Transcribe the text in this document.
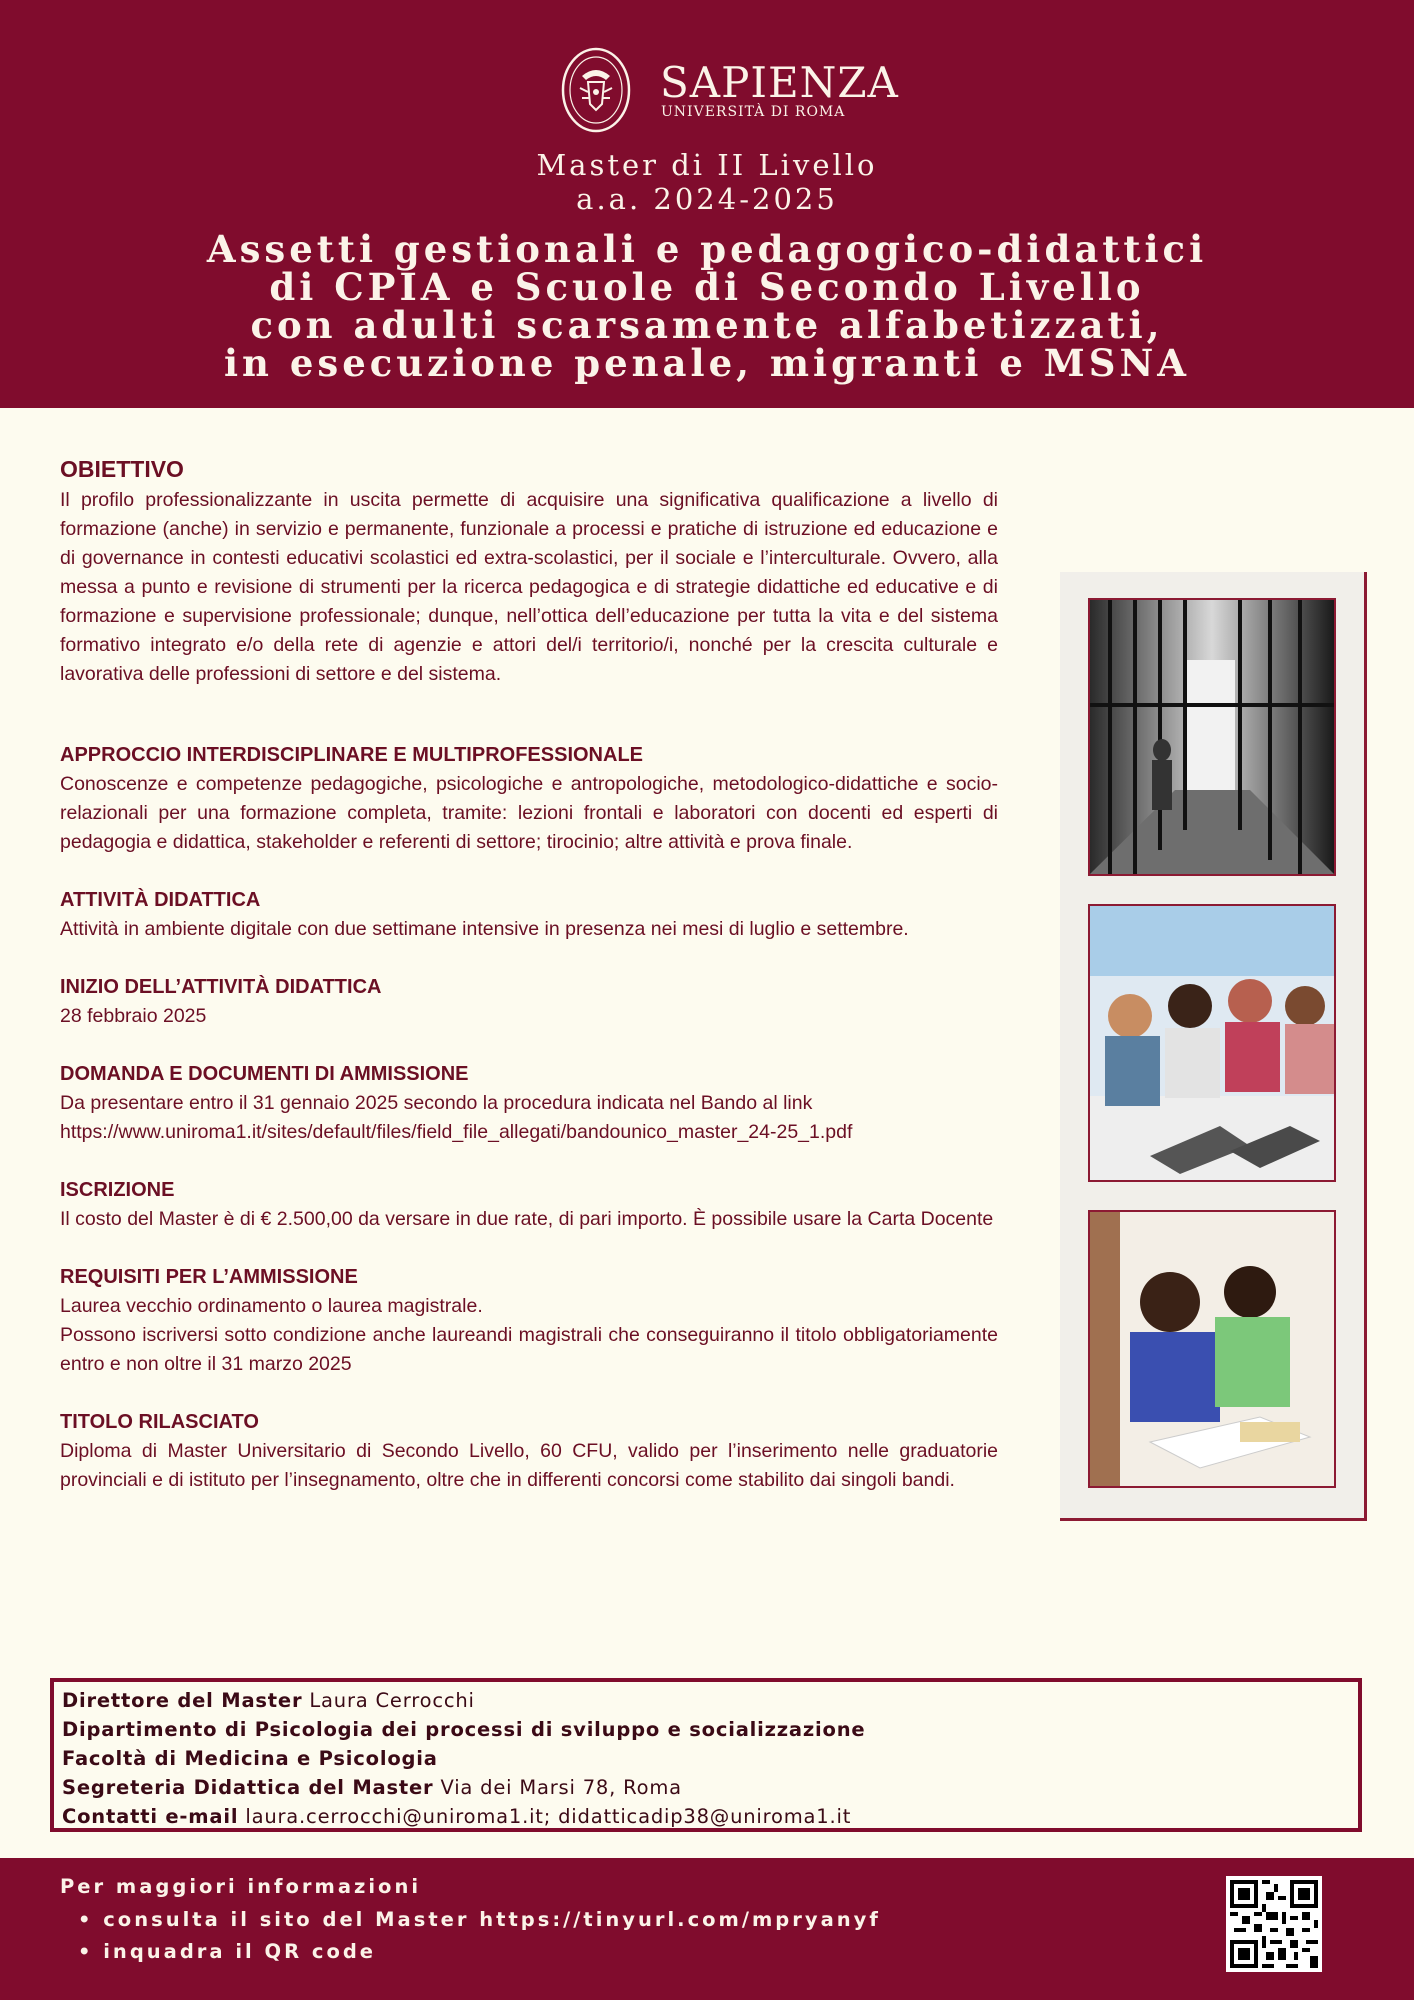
SAPIENZA
UNIVERSITÀ DI ROMA
Master di II Livello
a.a. 2024-2025
Assetti gestionali e pedagogico-didattici
di CPIA e Scuole di Secondo Livello
con adulti scarsamente alfabetizzati,
in esecuzione penale, migranti e MSNA
OBIETTIVO

Il profilo professionalizzante in uscita permette di acquisire una significativa qualificazione a livello di formazione (anche) in servizio e permanente, funzionale a processi e pratiche di istruzione ed educazione e di governance in contesti educativi scolastici ed extra-scolastici, per il sociale e l’interculturale. Ovvero, alla messa a punto e revisione di strumenti per la ricerca pedagogica e di strategie didattiche ed educative e di formazione e supervisione professionale; dunque, nell’ottica dell’educazione per tutta la vita e del sistema formativo integrato e/o della rete di agenzie e attori del/i territorio/i, nonché per la crescita culturale e lavorativa delle professioni di settore e del sistema.

APPROCCIO INTERDISCIPLINARE E MULTIPROFESSIONALE

Conoscenze e competenze pedagogiche, psicologiche e antropologiche, metodologico-didattiche e socio-relazionali per una formazione completa, tramite: lezioni frontali e laboratori con docenti ed esperti di pedagogia e didattica, stakeholder e referenti di settore; tirocinio; altre attività e prova finale.

ATTIVITÀ DIDATTICA

Attività in ambiente digitale con due settimane intensive in presenza nei mesi di luglio e settembre.

INIZIO DELL’ATTIVITÀ DIDATTICA

28 febbraio 2025

DOMANDA E DOCUMENTI DI AMMISSIONE

Da presentare entro il 31 gennaio 2025 secondo la procedura indicata nel Bando al link

https://www.uniroma1.it/sites/default/files/field_file_allegati/bandounico_master_24-25_1.pdf

ISCRIZIONE

Il costo del Master è di € 2.500,00 da versare in due rate, di pari importo. È possibile usare la Carta Docente

REQUISITI PER L’AMMISSIONE

Laurea vecchio ordinamento o laurea magistrale.

Possono iscriversi sotto condizione anche laureandi magistrali che conseguiranno il titolo obbligatoriamente entro e non oltre il 31 marzo 2025

TITOLO RILASCIATO

Diploma di Master Universitario di Secondo Livello, 60 CFU, valido per l’inserimento nelle graduatorie provinciali e di istituto per l’insegnamento, oltre che in differenti concorsi come stabilito dai singoli bandi.

Direttore del Master Laura Cerrocchi
Dipartimento di Psicologia dei processi di sviluppo e socializzazione
Facoltà di Medicina e Psicologia
Segreteria Didattica del Master Via dei Marsi 78, Roma
Contatti e-mail laura.cerrocchi@uniroma1.it; didatticadip38@uniroma1.it
Per maggiori informazioni
• consulta il sito del Master https://tinyurl.com/mpryanyf
• inquadra il QR code
